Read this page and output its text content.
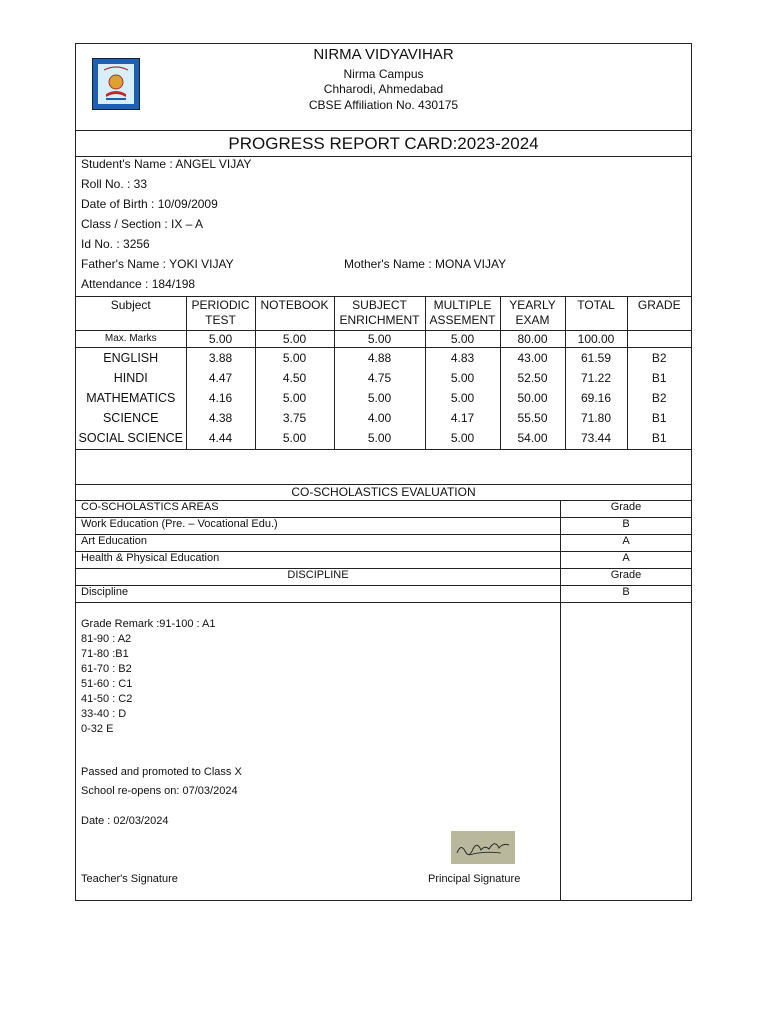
NIRMA VIDYAVIHAR
Nirma Campus
Chharodi, Ahmedabad
CBSE Affiliation No. 430175
PROGRESS REPORT CARD:2023-2024
Student's Name : ANGEL VIJAY
Roll No. : 33
Date of Birth : 10/09/2009
Class / Section : IX – A
Id No. : 3256
Father's Name : YOKI VIJAY	Mother's Name : MONA VIJAY
Attendance : 184/198
Subject	PERIODIC TEST	NOTEBOOK	SUBJECT ENRICHMENT	MULTIPLE ASSEMENT	YEARLY EXAM	TOTAL	GRADE
Max. Marks	5.00	5.00	5.00	5.00	80.00	100.00	
ENGLISH	3.88	5.00	4.88	4.83	43.00	61.59	B2
HINDI	4.47	4.50	4.75	5.00	52.50	71.22	B1
MATHEMATICS	4.16	5.00	5.00	5.00	50.00	69.16	B2
SCIENCE	4.38	3.75	4.00	4.17	55.50	71.80	B1
SOCIAL SCIENCE	4.44	5.00	5.00	5.00	54.00	73.44	B1
CO-SCHOLASTICS EVALUATION
CO-SCHOLASTICS AREAS	Grade
Work Education (Pre. – Vocational Edu.)	B
Art Education	A
Health & Physical Education	A
DISCIPLINE	Grade
Discipline	B
Grade Remark :91-100 : A1
81-90 : A2
71-80 :B1
61-70 : B2
51-60 : C1
41-50 : C2
33-40 : D
0-32 E
Passed and promoted to Class X
School re-opens on: 07/03/2024
Date : 02/03/2024
Teacher's Signature	Principal Signature
